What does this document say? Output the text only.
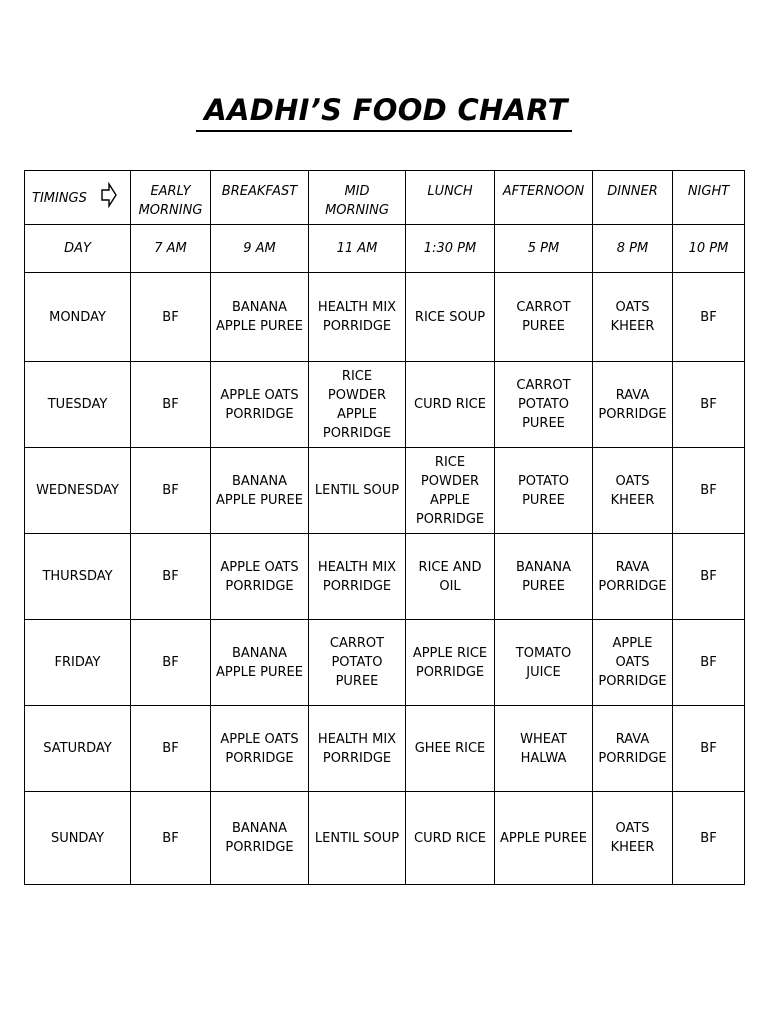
AADHI’S FOOD CHART
TIMINGS	EARLY MORNING	BREAKFAST	MID MORNING	LUNCH	AFTERNOON	DINNER	NIGHT
DAY	7 AM	9 AM	11 AM	1:30 PM	5 PM	8 PM	10 PM
MONDAY	BF	BANANA APPLE PUREE	HEALTH MIX PORRIDGE	RICE SOUP	CARROT PUREE	OATS KHEER	BF
TUESDAY	BF	APPLE OATS PORRIDGE	RICE POWDER APPLE PORRIDGE	CURD RICE	CARROT POTATO PUREE	RAVA PORRIDGE	BF
WEDNESDAY	BF	BANANA APPLE PUREE	LENTIL SOUP	RICE POWDER APPLE PORRIDGE	POTATO PUREE	OATS KHEER	BF
THURSDAY	BF	APPLE OATS PORRIDGE	HEALTH MIX PORRIDGE	RICE AND OIL	BANANA PUREE	RAVA PORRIDGE	BF
FRIDAY	BF	BANANA APPLE PUREE	CARROT POTATO PUREE	APPLE RICE PORRIDGE	TOMATO JUICE	APPLE OATS PORRIDGE	BF
SATURDAY	BF	APPLE OATS PORRIDGE	HEALTH MIX PORRIDGE	GHEE RICE	WHEAT HALWA	RAVA PORRIDGE	BF
SUNDAY	BF	BANANA PORRIDGE	LENTIL SOUP	CURD RICE	APPLE PUREE	OATS KHEER	BF
